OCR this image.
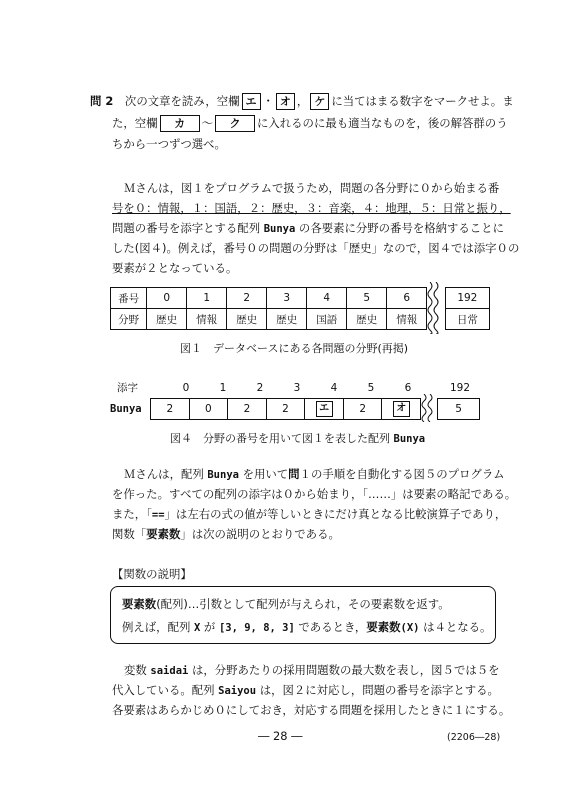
問 2 次の文章を読み，空欄 エ ・ オ ， ケ に当てはまる数字をマークせよ。ま
た，空欄 カ 〜 ク に入れるのに最も適当なものを，後の解答群のう
ちから一つずつ選べ。
Ｍさんは，図１をプログラムで扱うため，問題の各分野に０から始まる番
号を０：情報，１：国語，２：歴史，３：音楽，４：地理，５：日常と振り，
問題の番号を添字とする配列 Bunya の各要素に分野の番号を格納することに
した(図４)。例えば，番号０の問題の分野は「歴史」なので，図４では添字０の
要素が２となっている。
番号	0	1	2	3	4	5	6		192
分野	歴史	情報	歴史	歴史	国語	歴史	情報		日常
図１　データベースにある各問題の分野(再掲)
添字	0	1	2	3	4	5	6	192
Bunya 2	0	2	2	エ	2	オ		5
図４　分野の番号を用いて図１を表した配列 Bunya
Ｍさんは，配列 Bunya を用いて問１の手順を自動化する図５のプログラム
を作った。すべての配列の添字は０から始まり，「……」は要素の略記である。
また，「==」は左右の式の値が等しいときにだけ真となる比較演算子であり，
関数「要素数」は次の説明のとおりである。
【関数の説明】
要素数(配列)…引数として配列が与えられ，その要素数を返す。
例えば，配列 X が [3, 9, 8, 3] であるとき，要素数(X) は４となる。
変数 saidai は，分野あたりの採用問題数の最大数を表し，図５では５を
代入している。配列 Saiyou は，図２に対応し，問題の番号を添字とする。
各要素はあらかじめ０にしておき，対応する問題を採用したときに１にする。
― 28 ―	(2206―28)
